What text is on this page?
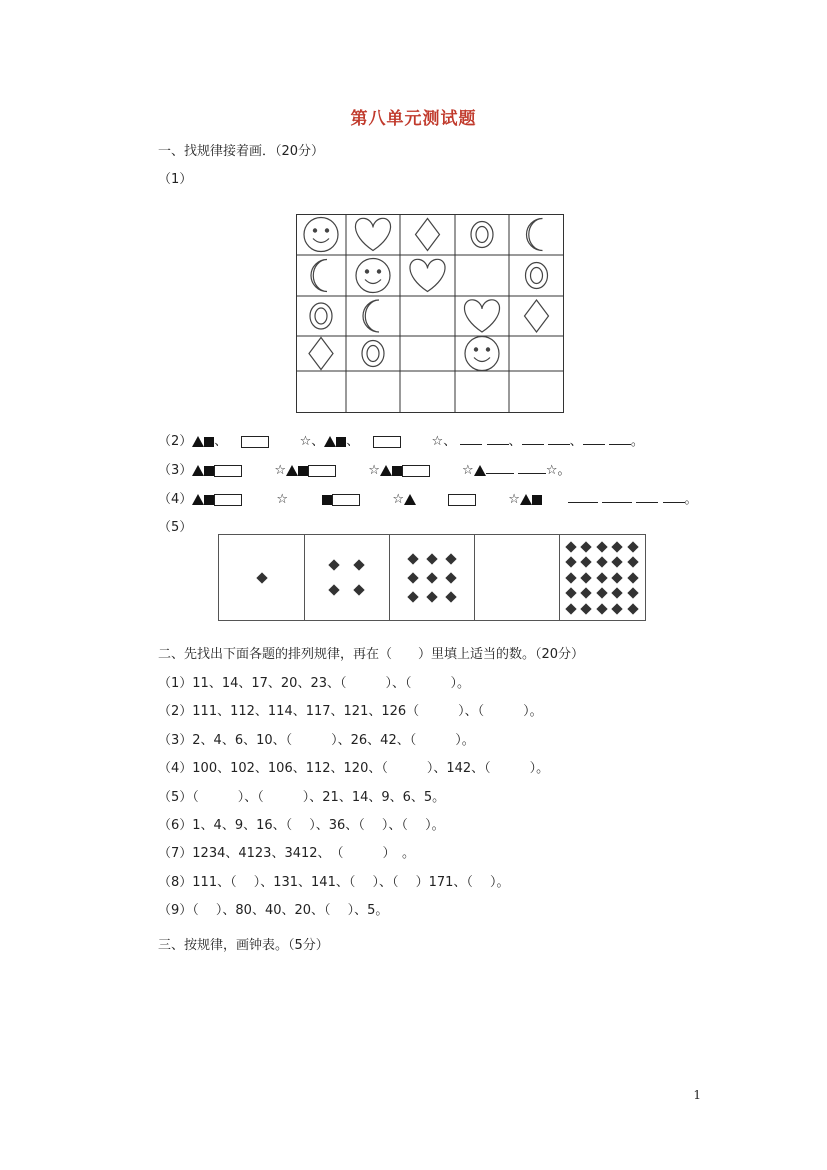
第八单元测试题
一、找规律接着画．（20分）
（1）
（2） 、	☆、 、	☆、	、	、	。
（3）	☆	☆	☆	☆。
（4）	☆	☆	☆	。
（5）
二、先找出下面各题的排列规律，再在（　　）里填上适当的数。（20分）
（1）11、14、17、20、23、（　　　）、（　　　）。
（2）111、112、114、117、121、126（　　　）、（　　　）。
（3）2、4、6、10、（　　　）、26、42、（　　　）。
（4）100、102、106、112、120、（　　　）、142、（　　　）。
（5）（　　　）、（　　　）、21、14、9、6、5。
（6）1、4、9、16、（　 ）、36、（　 ）、（　 ）。
（7）1234、4123、3412、　（　　　）　。
（8）111、（　 ）、131、141、（　 ）、（　 ）171、（　 ）。
（9）（　 ）、80、40、20、（　 ）、5。
三、按规律，画钟表。（5分）
1
